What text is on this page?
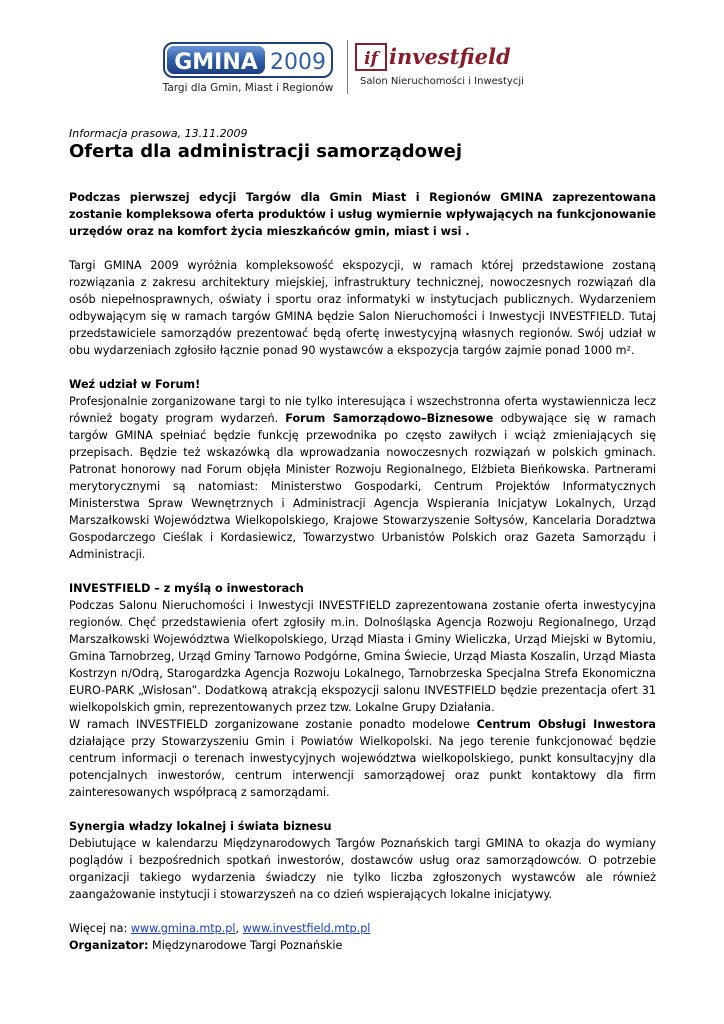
GMINA 2009
Targi dla Gmin, Miast i Regionów
if investfield
Salon Nieruchomości i Inwestycji
Informacja prasowa, 13.11.2009
Oferta dla administracji samorządowej

Podczas pierwszej edycji Targów dla Gmin Miast i Regionów GMINA zaprezentowana zostanie kompleksowa oferta produktów i usług wymiernie wpływających na funkcjonowanie urzędów oraz na komfort życia mieszkańców gmin, miast i wsi .

Targi GMINA 2009 wyróżnia kompleksowość ekspozycji, w ramach której przedstawione zostaną rozwiązania z zakresu architektury miejskiej, infrastruktury technicznej, nowoczesnych rozwiązań dla osób niepełnosprawnych, oświaty i sportu oraz informatyki w instytucjach publicznych. Wydarzeniem odbywającym się w ramach targów GMINA będzie Salon Nieruchomości i Inwestycji INVESTFIELD. Tutaj przedstawiciele samorządów prezentować będą ofertę inwestycyjną własnych regionów. Swój udział w obu wydarzeniach zgłosiło łącznie ponad 90 wystawców a ekspozycja targów zajmie ponad 1000 m².

Weź udział w Forum!

Profesjonalnie zorganizowane targi to nie tylko interesująca i wszechstronna oferta wystawiennicza lecz również bogaty program wydarzeń. Forum Samorządowo–Biznesowe odbywające się w ramach targów GMINA spełniać będzie funkcję przewodnika po często zawiłych i wciąż zmieniających się przepisach. Będzie też wskazówką dla wprowadzania nowoczesnych rozwiązań w polskich gminach. Patronat honorowy nad Forum objęła Minister Rozwoju Regionalnego, Elżbieta Bieńkowska. Partnerami merytorycznymi są natomiast: Ministerstwo Gospodarki, Centrum Projektów Informatycznych Ministerstwa Spraw Wewnętrznych i Administracji Agencja Wspierania Inicjatyw Lokalnych, Urząd Marszałkowski Województwa Wielkopolskiego, Krajowe Stowarzyszenie Sołtysów, Kancelaria Doradztwa Gospodarczego Cieślak i Kordasiewicz, Towarzystwo Urbanistów Polskich oraz Gazeta Samorządu i Administracji.

INVESTFIELD – z myślą o inwestorach

Podczas Salonu Nieruchomości i Inwestycji INVESTFIELD zaprezentowana zostanie oferta inwestycyjna regionów. Chęć przedstawienia ofert zgłosiły m.in. Dolnośląska Agencja Rozwoju Regionalnego, Urząd Marszałkowski Województwa Wielkopolskiego, Urząd Miasta i Gminy Wieliczka, Urząd Miejski w Bytomiu, Gmina Tarnobrzeg, Urząd Gminy Tarnowo Podgórne, Gmina Świecie, Urząd Miasta Koszalin, Urząd Miasta Kostrzyn n/Odrą, Starogardzka Agencja Rozwoju Lokalnego, Tarnobrzeska Specjalna Strefa Ekonomiczna EURO-PARK „Wisłosan”. Dodatkową atrakcją ekspozycji salonu INVESTFIELD będzie prezentacja ofert 31 wielkopolskich gmin, reprezentowanych przez tzw. Lokalne Grupy Działania.

W ramach INVESTFIELD zorganizowane zostanie ponadto modelowe Centrum Obsługi Inwestora działające przy Stowarzyszeniu Gmin i Powiatów Wielkopolski. Na jego terenie funkcjonować będzie centrum informacji o terenach inwestycyjnych województwa wielkopolskiego, punkt konsultacyjny dla potencjalnych inwestorów, centrum interwencji samorządowej oraz punkt kontaktowy dla firm zainteresowanych współpracą z samorządami.

Synergia władzy lokalnej i świata biznesu

Debiutujące w kalendarzu Międzynarodowych Targów Poznańskich targi GMINA to okazja do wymiany poglądów i bezpośrednich spotkań inwestorów, dostawców usług oraz samorządowców. O potrzebie organizacji takiego wydarzenia świadczy nie tylko liczba zgłoszonych wystawców ale również zaangażowanie instytucji i stowarzyszeń na co dzień wspierających lokalne inicjatywy.

Więcej na: www.gmina.mtp.pl, www.investfield.mtp.pl

Organizator: Międzynarodowe Targi Poznańskie
